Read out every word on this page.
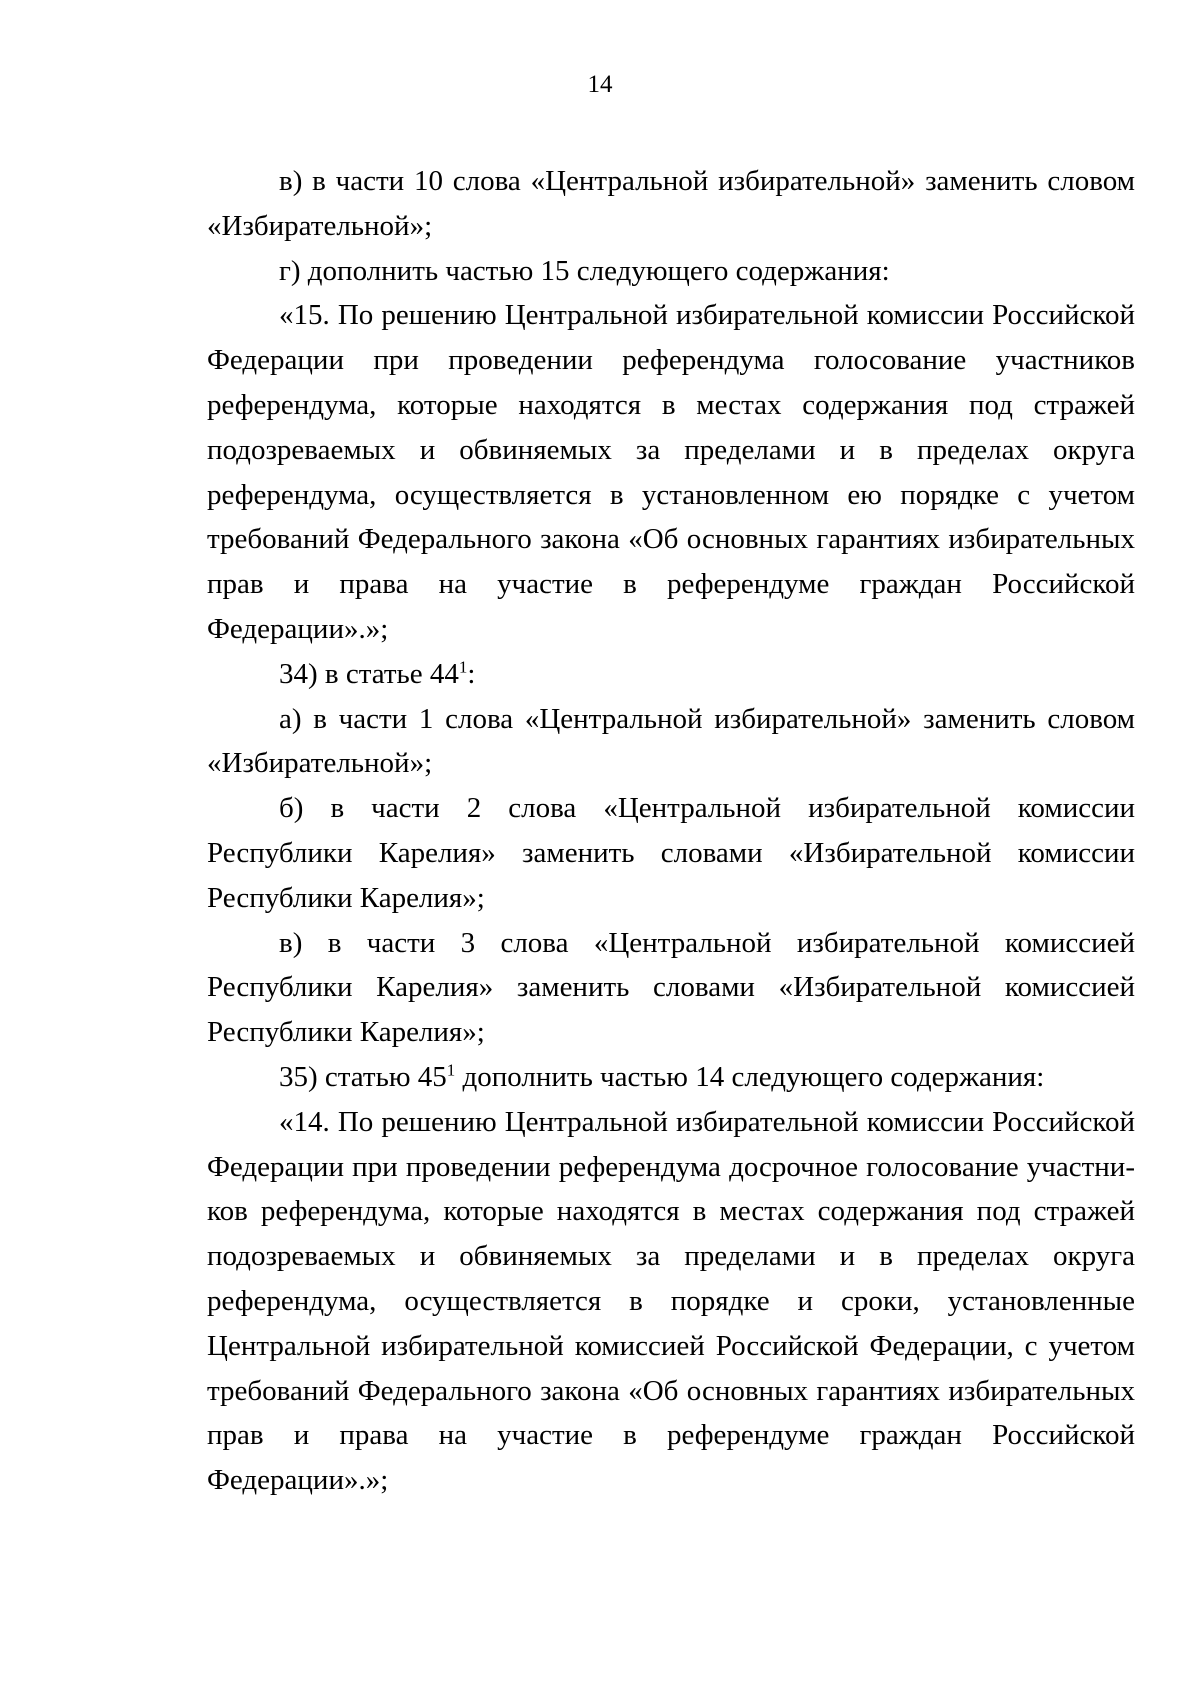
14

в) в части 10 слова «Центральной избирательной» заменить словом «Избирательной»;

г) дополнить частью 15 следующего содержания:

«15. По решению Центральной избирательной комиссии Российской Федерации при проведении референдума голосование участников референдума, которые находятся в местах содержания под стражей подозреваемых и обвиняемых за пределами и в пределах округа референдума, осуществляется в установленном ею порядке с учетом требований Федерального закона «Об основных гарантиях избирательных прав и права на участие в референдуме граждан Российской Федерации».»;

34) в статье $44^1$:

а) в части 1 слова «Центральной избирательной» заменить словом «Избирательной»;

б) в части 2 слова «Центральной избирательной комиссии Республики Карелия» заменить словами «Избирательной комиссии Республики Карелия»;

в) в части 3 слова «Центральной избирательной комиссией Республики Карелия» заменить словами «Избирательной комиссией Республики Карелия»;

35) статью $45^1$ дополнить частью 14 следующего содержания:

«14. По решению Центральной избирательной комиссии Российской Федерации при проведении референдума досрочное голосование участников референдума, которые находятся в местах содержания под стражей подозреваемых и обвиняемых за пределами и в пределах округа референдума, осуществляется в порядке и сроки, установленные Центральной избирательной комиссией Российской Федерации, с учетом требований Федерального закона «Об основных гарантиях избирательных прав и права на участие в референдуме граждан Российской Федерации».»;
